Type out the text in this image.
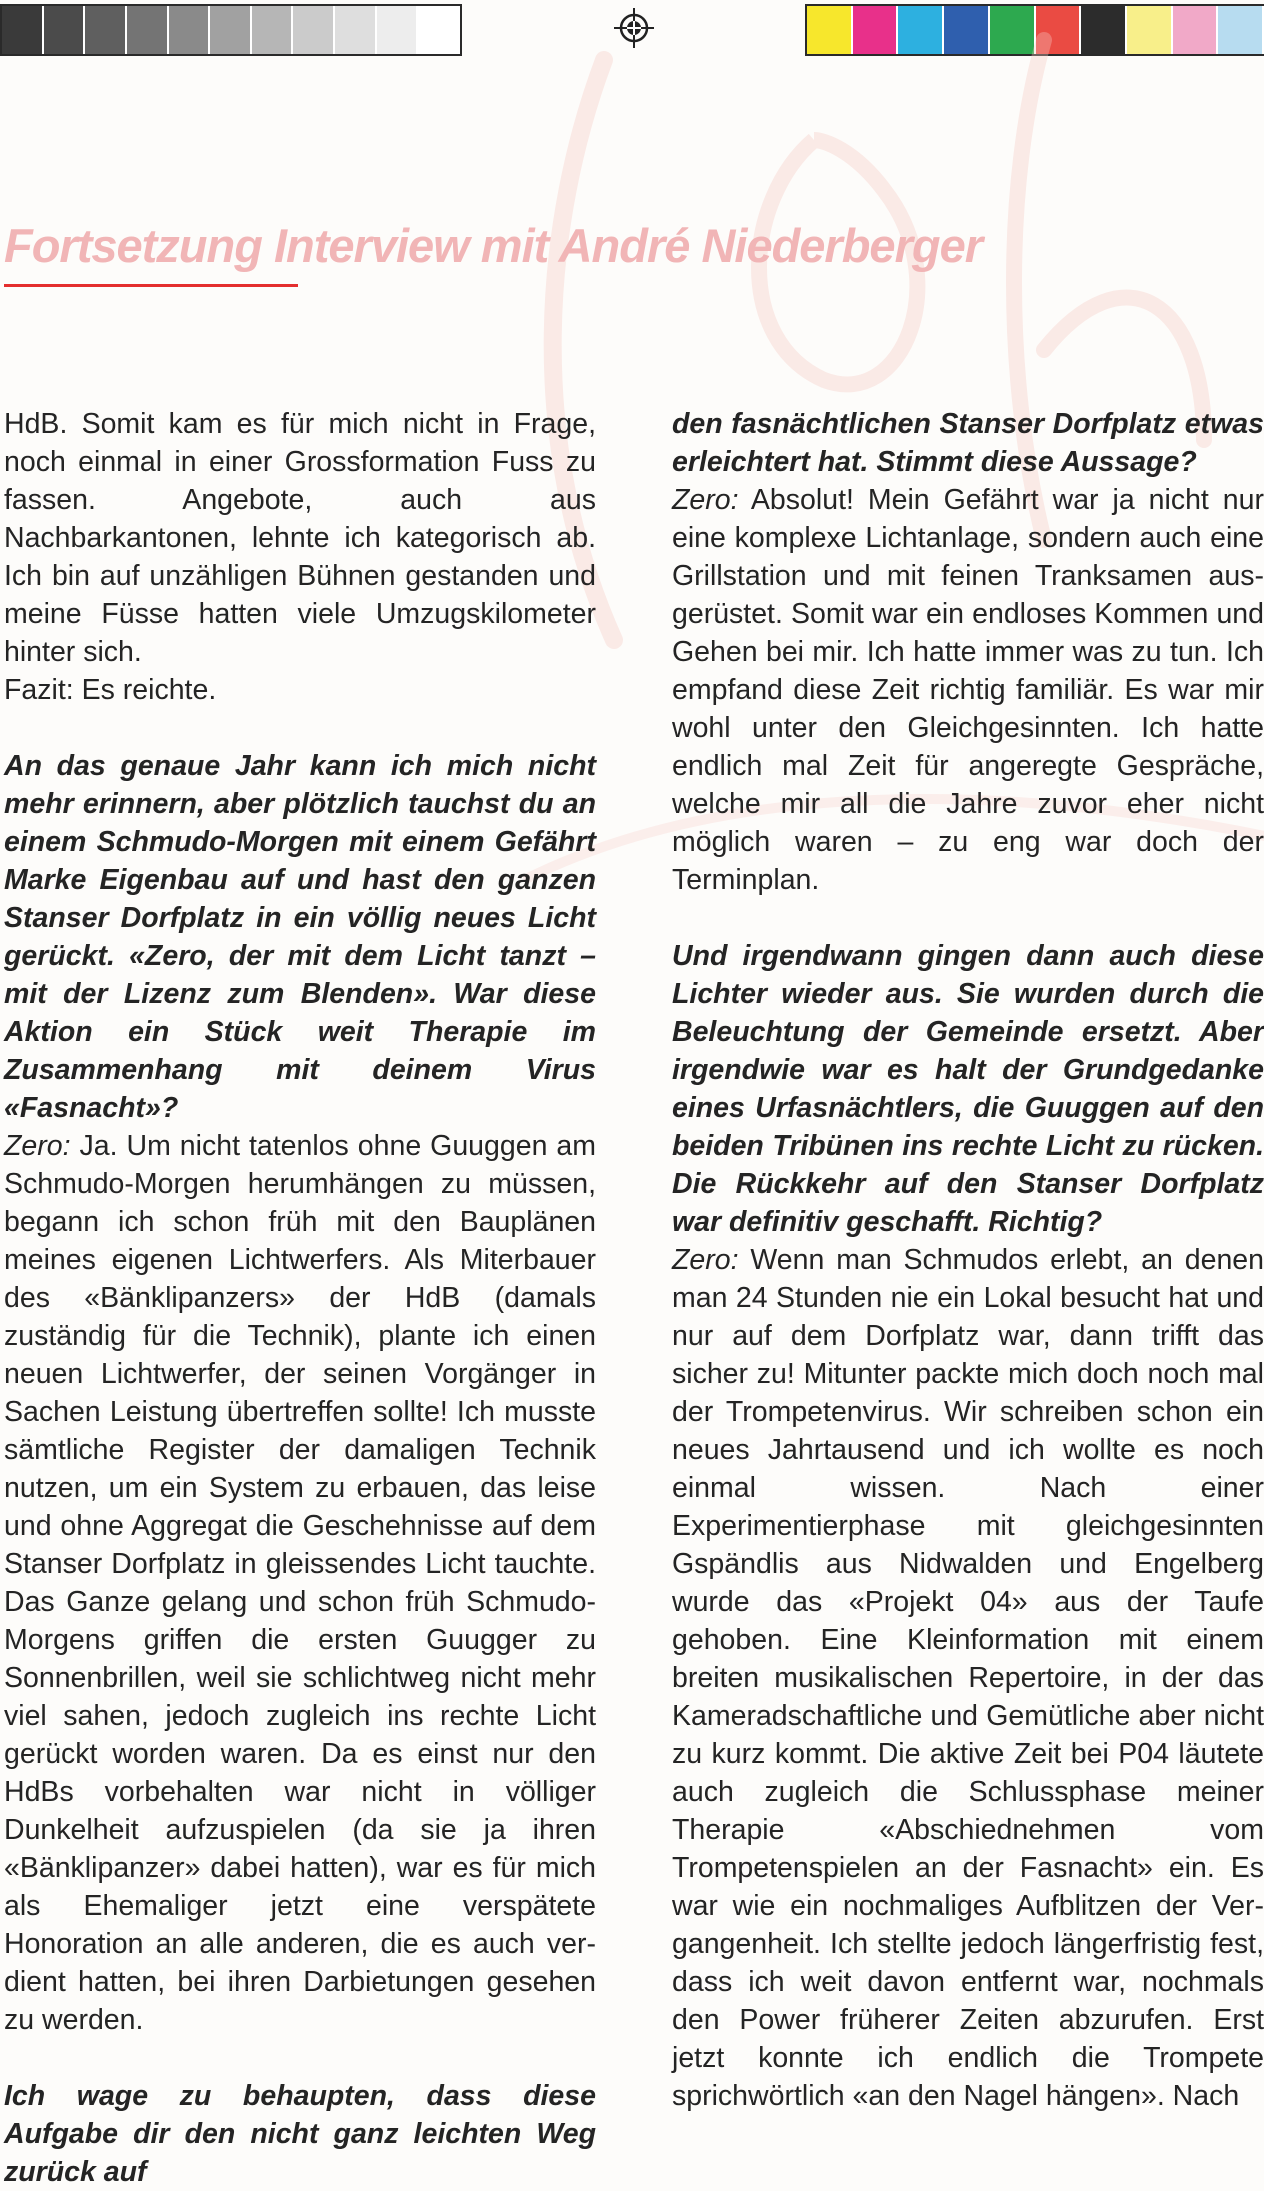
Fortsetzung Interview mit André Niederberger

HdB. Somit kam es für mich nicht in Frage, noch einmal in einer Grossformation Fuss zu fassen. Angebote, auch aus Nachbarkantonen, lehnte ich kategorisch ab. Ich bin auf unzähligen Bühnen gestanden und meine Füsse hatten viele Umzugskilometer hinter sich.

Fazit: Es reichte.

An das genaue Jahr kann ich mich nicht mehr erinnern, aber plötzlich tauchst du an einem Schmudo-Morgen mit einem Gefährt Marke Eigenbau auf und hast den ganzen Stanser Dorfplatz in ein völlig neues Licht gerückt. «Zero, der mit dem Licht tanzt – mit der Lizenz zum Blenden». War diese Aktion ein Stück weit Therapie im Zusammenhang mit deinem Virus «Fasnacht»?

Zero: Ja. Um nicht tatenlos ohne Guuggen am Schmudo-Morgen herumhängen zu müssen, begann ich schon früh mit den Bauplänen meines eigenen Lichtwerfers. Als Miterbauer des «Bänklipanzers» der HdB (damals zuständig für die Technik), plante ich einen neuen Lichtwerfer, der seinen Vorgänger in Sachen Leistung übertreffen sollte! Ich musste sämtliche Register der damaligen Technik nutzen, um ein System zu erbauen, das leise und ohne Aggregat die Geschehnisse auf dem Stanser Dorfplatz in gleissendes Licht tauchte. Das Ganze gelang und schon früh Schmudo-Morgens griffen die ersten Guugger zu Sonnenbrillen, weil sie schlichtweg nicht mehr viel sahen, jedoch zugleich ins rechte Licht gerückt worden waren. Da es einst nur den HdBs vorbehalten war nicht in völliger Dunkelheit aufzuspielen (da sie ja ihren «Bänklipanzer» dabei hatten), war es für mich als Ehemaliger jetzt eine verspätete Honoration an alle anderen, die es auch verdient hatten, bei ihren Darbietungen gesehen zu werden.

Ich wage zu behaupten, dass diese Aufgabe dir den nicht ganz leichten Weg zurück auf

den fasnächtlichen Stanser Dorfplatz etwas erleichtert hat. Stimmt diese Aussage?

Zero: Absolut! Mein Gefährt war ja nicht nur eine komplexe Lichtanlage, sondern auch eine Grillstation und mit feinen Tranksamen ausgerüstet. Somit war ein endloses Kommen und Gehen bei mir. Ich hatte immer was zu tun. Ich empfand diese Zeit richtig familiär. Es war mir wohl unter den Gleichgesinnten. Ich hatte endlich mal Zeit für angeregte Gespräche, welche mir all die Jahre zuvor eher nicht möglich waren – zu eng war doch der Terminplan.

Und irgendwann gingen dann auch diese Lichter wieder aus. Sie wurden durch die Beleuchtung der Gemeinde ersetzt. Aber irgendwie war es halt der Grundgedanke eines Urfasnächtlers, die Guuggen auf den beiden Tribünen ins rechte Licht zu rücken. Die Rückkehr auf den Stanser Dorfplatz war definitiv geschafft. Richtig?

Zero: Wenn man Schmudos erlebt, an denen man 24 Stunden nie ein Lokal besucht hat und nur auf dem Dorfplatz war, dann trifft das sicher zu! Mitunter packte mich doch noch mal der Trompetenvirus. Wir schreiben schon ein neues Jahrtausend und ich wollte es noch einmal wissen. Nach einer Experimentierphase mit gleichgesinnten Gspändlis aus Nidwalden und Engelberg wurde das «Projekt 04» aus der Taufe gehoben. Eine Kleinformation mit einem breiten musikalischen Repertoire, in der das Kameradschaftliche und Gemütliche aber nicht zu kurz kommt. Die aktive Zeit bei P04 läutete auch zugleich die Schlussphase meiner Therapie «Abschiednehmen vom Trompetenspielen an der Fasnacht» ein. Es war wie ein nochmaliges Aufblitzen der Vergangenheit. Ich stellte jedoch längerfristig fest, dass ich weit davon entfernt war, nochmals den Power früherer Zeiten abzurufen. Erst jetzt konnte ich endlich die Trompete sprichwörtlich «an den Nagel hängen». Nach
